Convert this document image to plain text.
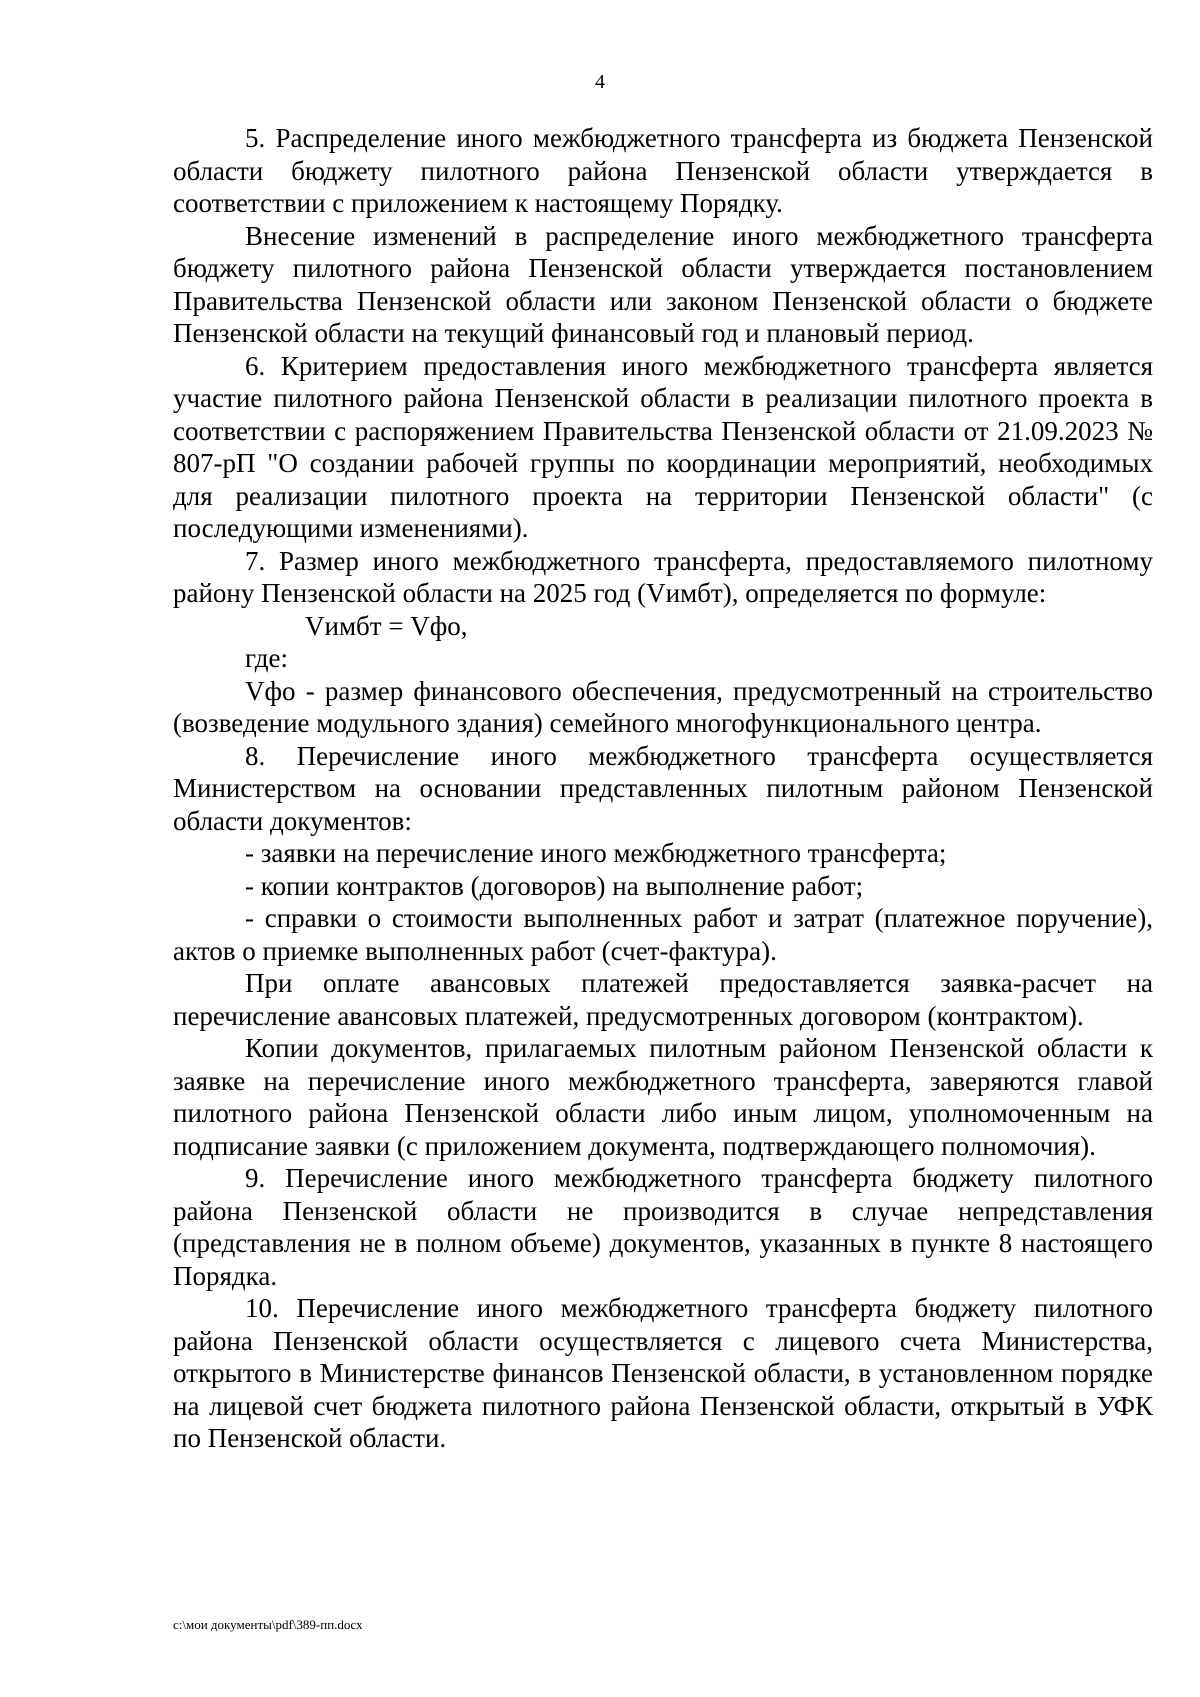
4

5. Распределение иного межбюджетного трансферта из бюджета Пензенской области бюджету пилотного района Пензенской области утверждается в соответствии с приложением к настоящему Порядку.

Внесение изменений в распределение иного межбюджетного трансферта бюджету пилотного района Пензенской области утверждается постановлением Правительства Пензенской области или законом Пензенской области о бюджете Пензенской области на текущий финансовый год и плановый период.

6. Критерием предоставления иного межбюджетного трансферта является участие пилотного района Пензенской области в реализации пилотного проекта в соответствии с распоряжением Правительства Пензенской области от 21.09.2023 № 807-рП "О создании рабочей группы по координации мероприятий, необходимых для реализации пилотного проекта на территории Пензенской области" (с последующими изменениями).

7. Размер иного межбюджетного трансферта, предоставляемого пилотному району Пензенской области на 2025 год (Vимбт), определяется по формуле:

Vимбт = Vфо,

где:

Vфо - размер финансового обеспечения, предусмотренный на строительство (возведение модульного здания) семейного многофункционального центра.

8. Перечисление иного межбюджетного трансферта осуществляется Министерством на основании представленных пилотным районом Пензенской области документов:

- заявки на перечисление иного межбюджетного трансферта;

- копии контрактов (договоров) на выполнение работ;

- справки о стоимости выполненных работ и затрат (платежное поручение), актов о приемке выполненных работ (счет-фактура).

При оплате авансовых платежей предоставляется заявка-расчет на перечисление авансовых платежей, предусмотренных договором (контрактом).

Копии документов, прилагаемых пилотным районом Пензенской области к заявке на перечисление иного межбюджетного трансферта, заверяются главой пилотного района Пензенской области либо иным лицом, уполномоченным на подписание заявки (с приложением документа, подтверждающего полномочия).

9. Перечисление иного межбюджетного трансферта бюджету пилотного района Пензенской области не производится в случае непредставления (представления не в полном объеме) документов, указанных в пункте 8 настоящего Порядка.

10. Перечисление иного межбюджетного трансферта бюджету пилотного района Пензенской области осуществляется с лицевого счета Министерства, открытого в Министерстве финансов Пензенской области, в установленном порядке на лицевой счет бюджета пилотного района Пензенской области, открытый в УФК по Пензенской области.

c:\мои документы\pdf\389-пп.docx
